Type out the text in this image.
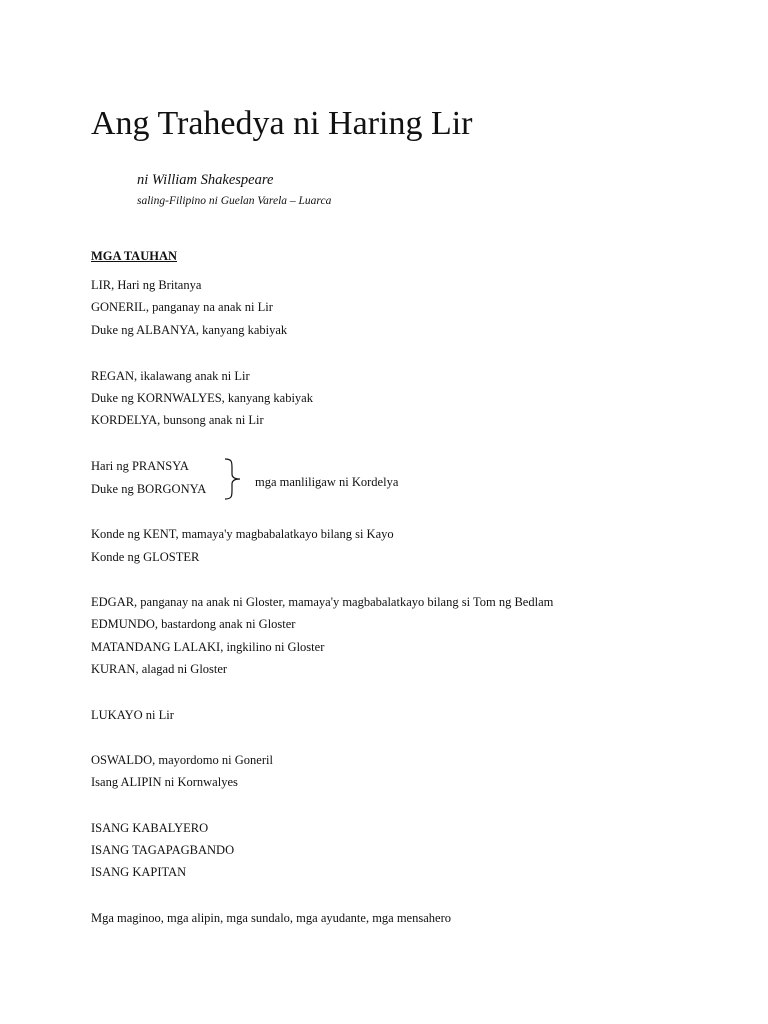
Ang Trahedya ni Haring Lir
ni William Shakespeare
saling-Filipino ni Guelan Varela – Luarca
MGA TAUHAN
LIR, Hari ng Britanya
GONERIL, panganay na anak ni Lir
Duke ng ALBANYA, kanyang kabiyak
REGAN, ikalawang anak ni Lir
Duke ng KORNWALYES, kanyang kabiyak
KORDELYA, bunsong anak ni Lir
Hari ng PRANSYA
Duke ng BORGONYA	mga manliligaw ni Kordelya
Konde ng KENT, mamaya'y magbabalatkayo bilang si Kayo
Konde ng GLOSTER
EDGAR, panganay na anak ni Gloster, mamaya'y magbabalatkayo bilang si Tom ng Bedlam
EDMUNDO, bastardong anak ni Gloster
MATANDANG LALAKI, ingkilino ni Gloster
KURAN, alagad ni Gloster
LUKAYO ni Lir
OSWALDO, mayordomo ni Goneril
Isang ALIPIN ni Kornwalyes
ISANG KABALYERO
ISANG TAGAPAGBANDO
ISANG KAPITAN
Mga maginoo, mga alipin, mga sundalo, mga ayudante, mga mensahero
